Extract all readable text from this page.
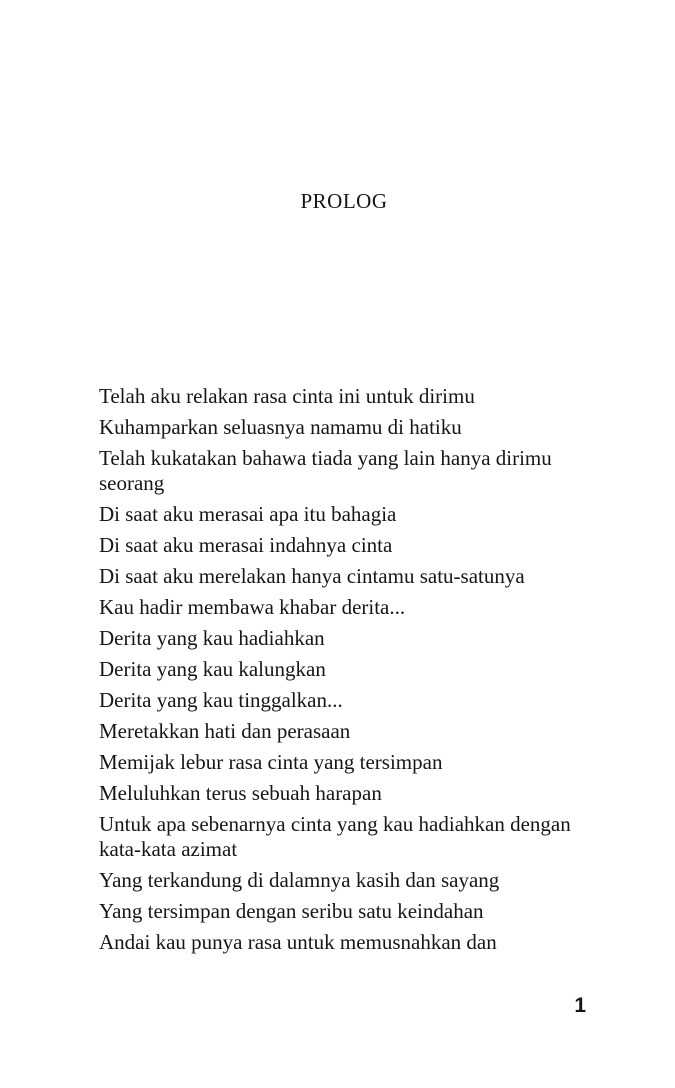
PROLOG

Telah aku relakan rasa cinta ini untuk dirimu

Kuhamparkan seluasnya namamu di hatiku

Telah kukatakan bahawa tiada yang lain hanya dirimu seorang

Di saat aku merasai apa itu bahagia

Di saat aku merasai indahnya cinta

Di saat aku merelakan hanya cintamu satu-satunya

Kau hadir membawa khabar derita...

Derita yang kau hadiahkan

Derita yang kau kalungkan

Derita yang kau tinggalkan...

Meretakkan hati dan perasaan

Memijak lebur rasa cinta yang tersimpan

Meluluhkan terus sebuah harapan

Untuk apa sebenarnya cinta yang kau hadiahkan dengan kata-kata azimat

Yang terkandung di dalamnya kasih dan sayang

Yang tersimpan dengan seribu satu keindahan

Andai kau punya rasa untuk memusnahkan dan

1
